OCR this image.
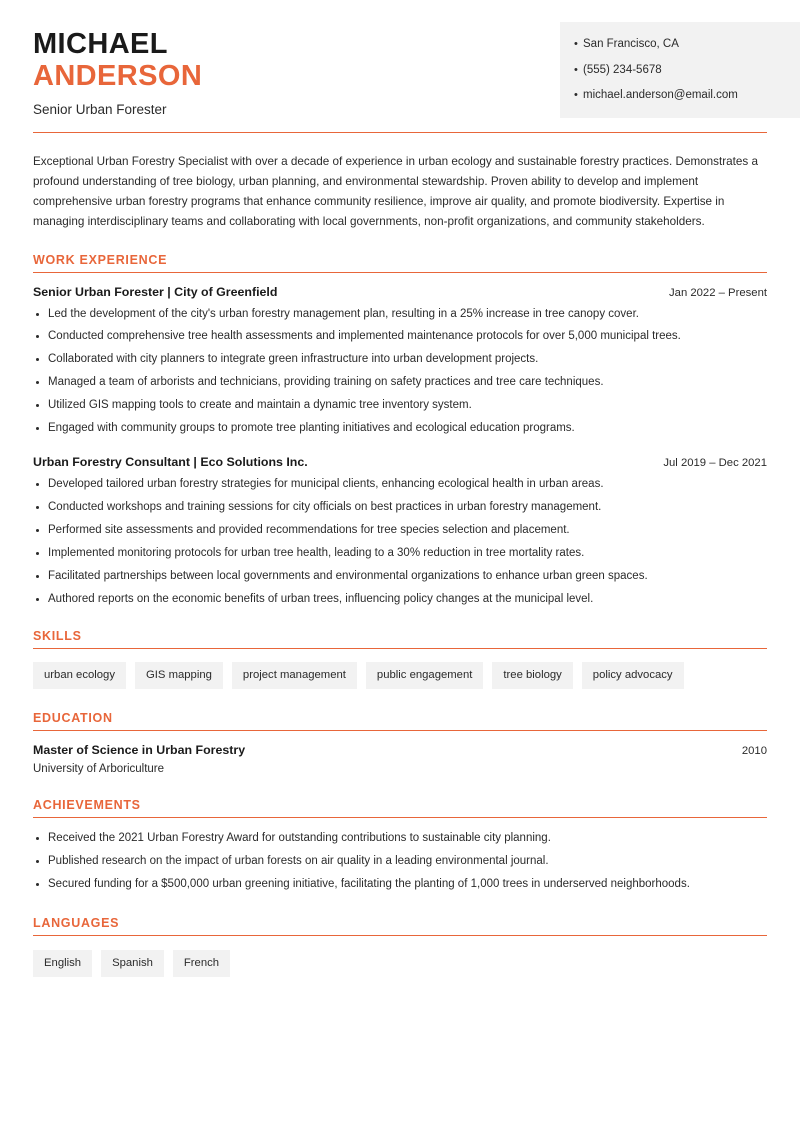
MICHAEL
ANDERSON
Senior Urban Forester
• San Francisco, CA
• (555) 234-5678
• michael.anderson@email.com
Exceptional Urban Forestry Specialist with over a decade of experience in urban ecology and sustainable forestry practices. Demonstrates a profound understanding of tree biology, urban planning, and environmental stewardship. Proven ability to develop and implement comprehensive urban forestry programs that enhance community resilience, improve air quality, and promote biodiversity. Expertise in managing interdisciplinary teams and collaborating with local governments, non-profit organizations, and community stakeholders.
WORK EXPERIENCE
Senior Urban Forester | City of Greenfield	Jan 2022 – Present
Led the development of the city's urban forestry management plan, resulting in a 25% increase in tree canopy cover.
Conducted comprehensive tree health assessments and implemented maintenance protocols for over 5,000 municipal trees.
Collaborated with city planners to integrate green infrastructure into urban development projects.
Managed a team of arborists and technicians, providing training on safety practices and tree care techniques.
Utilized GIS mapping tools to create and maintain a dynamic tree inventory system.
Engaged with community groups to promote tree planting initiatives and ecological education programs.
Urban Forestry Consultant | Eco Solutions Inc.	Jul 2019 – Dec 2021
Developed tailored urban forestry strategies for municipal clients, enhancing ecological health in urban areas.
Conducted workshops and training sessions for city officials on best practices in urban forestry management.
Performed site assessments and provided recommendations for tree species selection and placement.
Implemented monitoring protocols for urban tree health, leading to a 30% reduction in tree mortality rates.
Facilitated partnerships between local governments and environmental organizations to enhance urban green spaces.
Authored reports on the economic benefits of urban trees, influencing policy changes at the municipal level.
SKILLS
urban ecology	GIS mapping	project management	public engagement	tree biology	policy advocacy
EDUCATION
Master of Science in Urban Forestry	2010
University of Arboriculture
ACHIEVEMENTS
Received the 2021 Urban Forestry Award for outstanding contributions to sustainable city planning.
Published research on the impact of urban forests on air quality in a leading environmental journal.
Secured funding for a $500,000 urban greening initiative, facilitating the planting of 1,000 trees in underserved neighborhoods.
LANGUAGES
English	Spanish	French
